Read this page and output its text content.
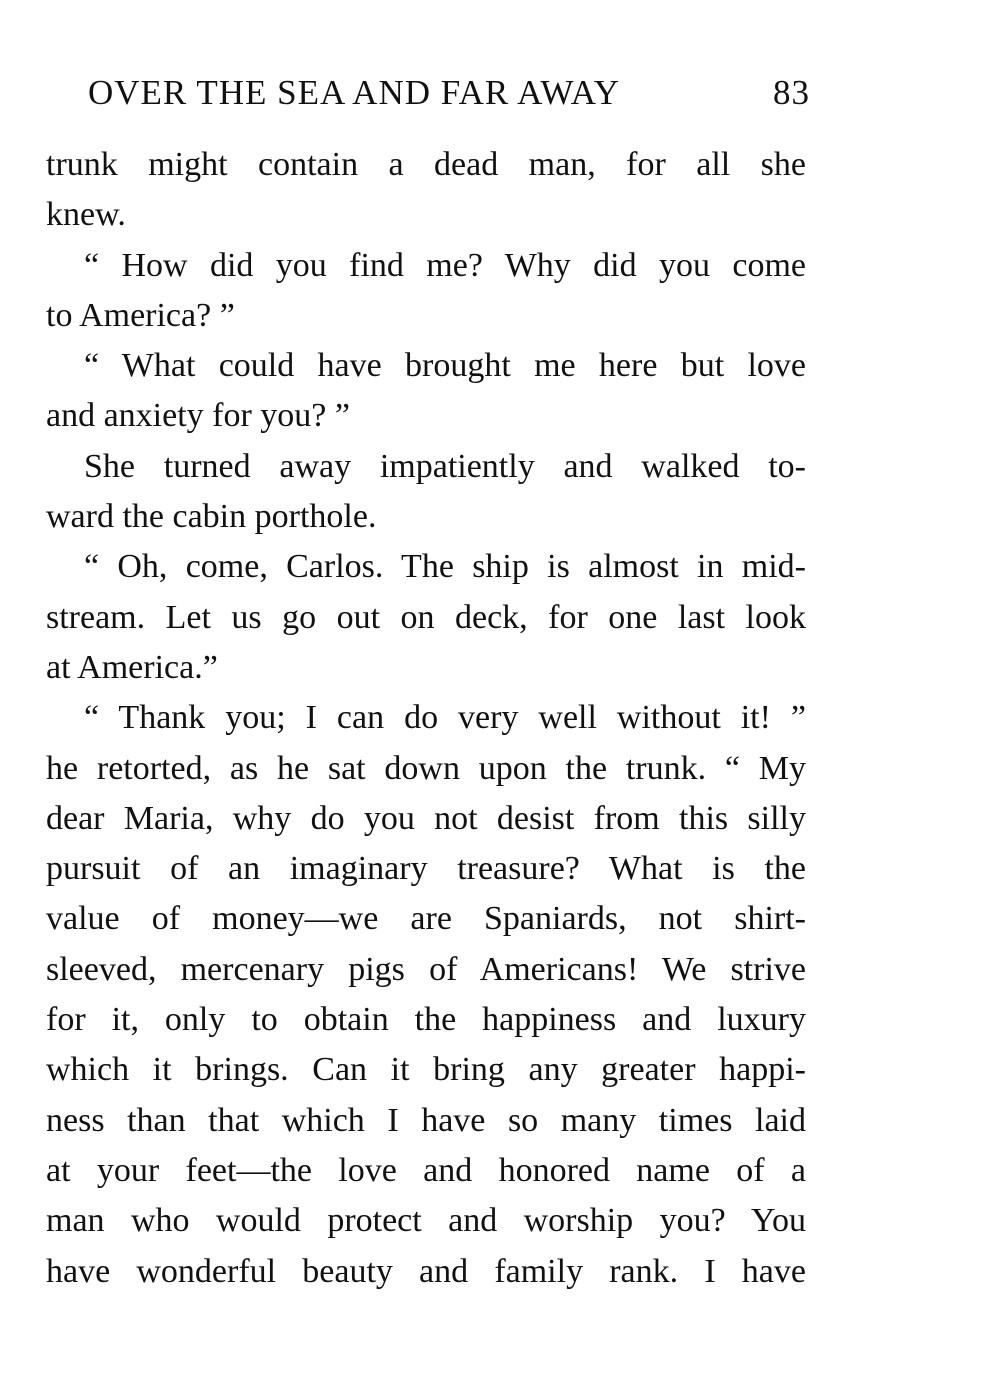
OVER THE SEA AND FAR AWAY	83
trunk might contain a dead man, for all she
knew.
“ How did you find me? Why did you come
to America? ”
“ What could have brought me here but love
and anxiety for you? ”
She turned away impatiently and walked to-
ward the cabin porthole.
“ Oh, come, Carlos. The ship is almost in mid-
stream. Let us go out on deck, for one last look
at America.”
“ Thank you; I can do very well without it! ”
he retorted, as he sat down upon the trunk. “ My
dear Maria, why do you not desist from this silly
pursuit of an imaginary treasure? What is the
value of money—we are Spaniards, not shirt-
sleeved, mercenary pigs of Americans! We strive
for it, only to obtain the happiness and luxury
which it brings. Can it bring any greater happi-
ness than that which I have so many times laid
at your feet—the love and honored name of a
man who would protect and worship you? You
have wonderful beauty and family rank. I have
